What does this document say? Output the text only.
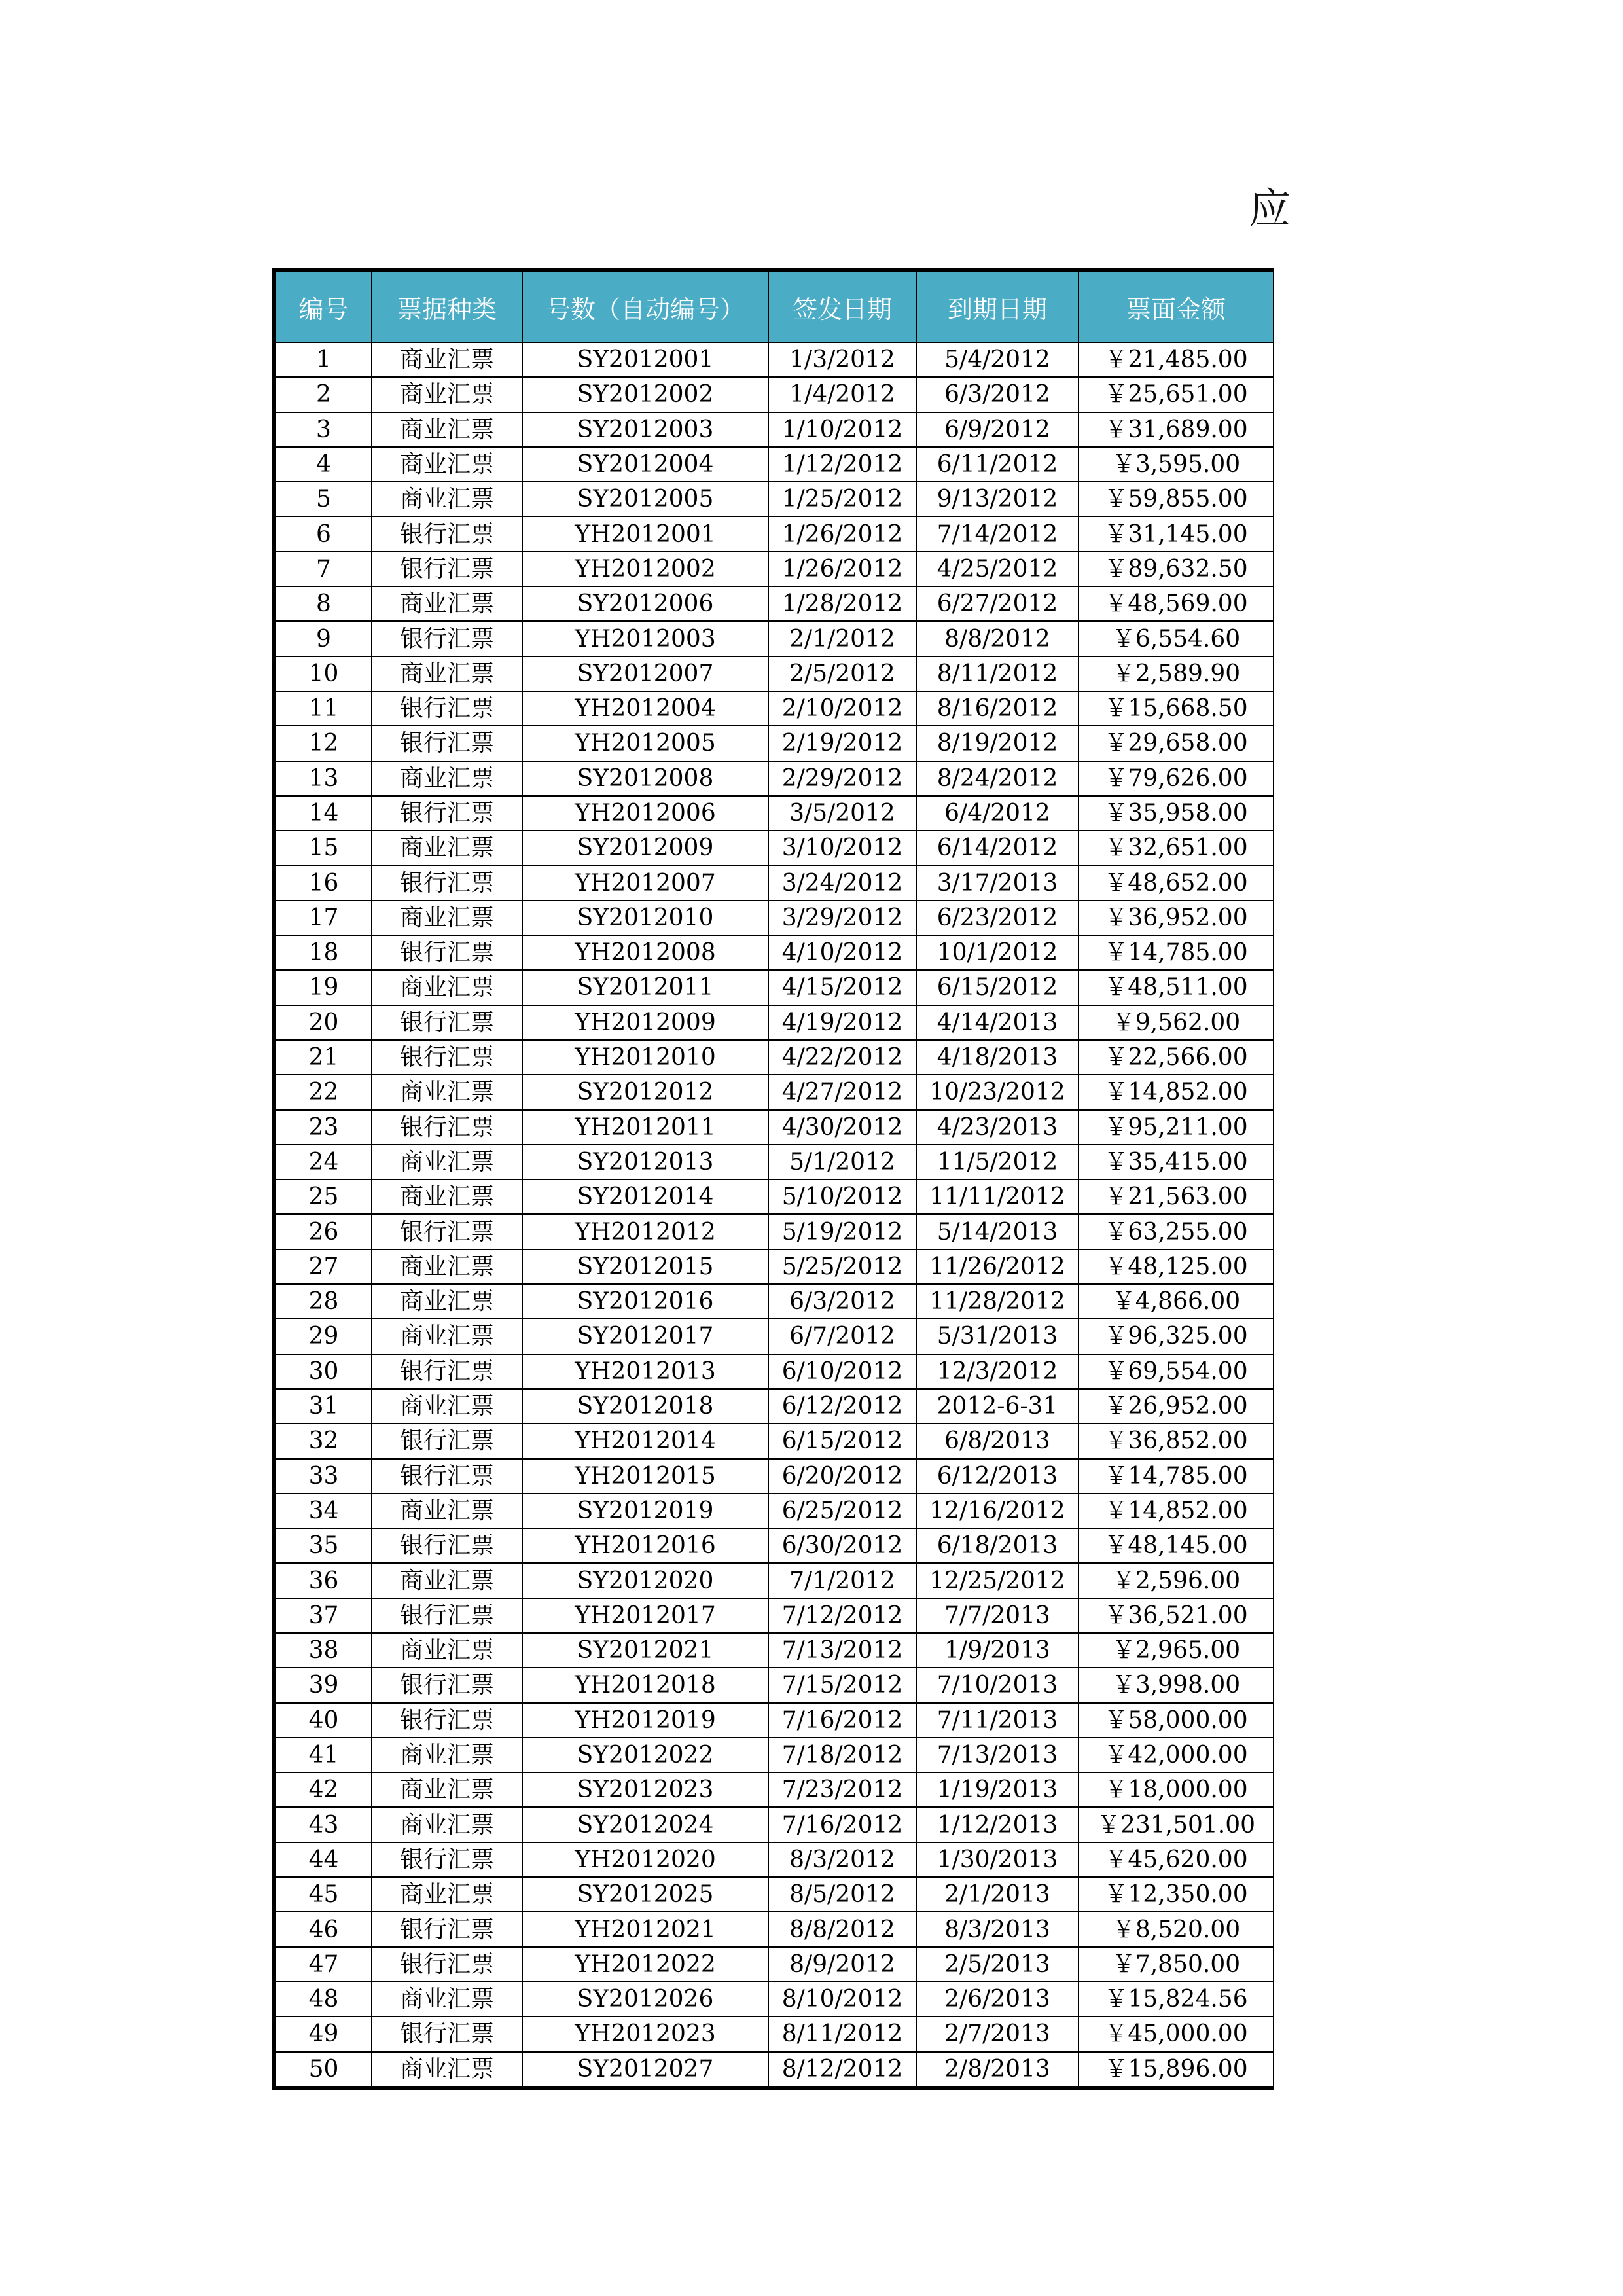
应
编号	票据种类	号数（自动编号）	签发日期	到期日期	票面金额
1	商业汇票	SY2012001	1/3/2012	5/4/2012	￥21,485.00
2	商业汇票	SY2012002	1/4/2012	6/3/2012	￥25,651.00
3	商业汇票	SY2012003	1/10/2012	6/9/2012	￥31,689.00
4	商业汇票	SY2012004	1/12/2012	6/11/2012	￥3,595.00
5	商业汇票	SY2012005	1/25/2012	9/13/2012	￥59,855.00
6	银行汇票	YH2012001	1/26/2012	7/14/2012	￥31,145.00
7	银行汇票	YH2012002	1/26/2012	4/25/2012	￥89,632.50
8	商业汇票	SY2012006	1/28/2012	6/27/2012	￥48,569.00
9	银行汇票	YH2012003	2/1/2012	8/8/2012	￥6,554.60
10	商业汇票	SY2012007	2/5/2012	8/11/2012	￥2,589.90
11	银行汇票	YH2012004	2/10/2012	8/16/2012	￥15,668.50
12	银行汇票	YH2012005	2/19/2012	8/19/2012	￥29,658.00
13	商业汇票	SY2012008	2/29/2012	8/24/2012	￥79,626.00
14	银行汇票	YH2012006	3/5/2012	6/4/2012	￥35,958.00
15	商业汇票	SY2012009	3/10/2012	6/14/2012	￥32,651.00
16	银行汇票	YH2012007	3/24/2012	3/17/2013	￥48,652.00
17	商业汇票	SY2012010	3/29/2012	6/23/2012	￥36,952.00
18	银行汇票	YH2012008	4/10/2012	10/1/2012	￥14,785.00
19	商业汇票	SY2012011	4/15/2012	6/15/2012	￥48,511.00
20	银行汇票	YH2012009	4/19/2012	4/14/2013	￥9,562.00
21	银行汇票	YH2012010	4/22/2012	4/18/2013	￥22,566.00
22	商业汇票	SY2012012	4/27/2012	10/23/2012	￥14,852.00
23	银行汇票	YH2012011	4/30/2012	4/23/2013	￥95,211.00
24	商业汇票	SY2012013	5/1/2012	11/5/2012	￥35,415.00
25	商业汇票	SY2012014	5/10/2012	11/11/2012	￥21,563.00
26	银行汇票	YH2012012	5/19/2012	5/14/2013	￥63,255.00
27	商业汇票	SY2012015	5/25/2012	11/26/2012	￥48,125.00
28	商业汇票	SY2012016	6/3/2012	11/28/2012	￥4,866.00
29	商业汇票	SY2012017	6/7/2012	5/31/2013	￥96,325.00
30	银行汇票	YH2012013	6/10/2012	12/3/2012	￥69,554.00
31	商业汇票	SY2012018	6/12/2012	2012-6-31	￥26,952.00
32	银行汇票	YH2012014	6/15/2012	6/8/2013	￥36,852.00
33	银行汇票	YH2012015	6/20/2012	6/12/2013	￥14,785.00
34	商业汇票	SY2012019	6/25/2012	12/16/2012	￥14,852.00
35	银行汇票	YH2012016	6/30/2012	6/18/2013	￥48,145.00
36	商业汇票	SY2012020	7/1/2012	12/25/2012	￥2,596.00
37	银行汇票	YH2012017	7/12/2012	7/7/2013	￥36,521.00
38	商业汇票	SY2012021	7/13/2012	1/9/2013	￥2,965.00
39	银行汇票	YH2012018	7/15/2012	7/10/2013	￥3,998.00
40	银行汇票	YH2012019	7/16/2012	7/11/2013	￥58,000.00
41	商业汇票	SY2012022	7/18/2012	7/13/2013	￥42,000.00
42	商业汇票	SY2012023	7/23/2012	1/19/2013	￥18,000.00
43	商业汇票	SY2012024	7/16/2012	1/12/2013	￥231,501.00
44	银行汇票	YH2012020	8/3/2012	1/30/2013	￥45,620.00
45	商业汇票	SY2012025	8/5/2012	2/1/2013	￥12,350.00
46	银行汇票	YH2012021	8/8/2012	8/3/2013	￥8,520.00
47	银行汇票	YH2012022	8/9/2012	2/5/2013	￥7,850.00
48	商业汇票	SY2012026	8/10/2012	2/6/2013	￥15,824.56
49	银行汇票	YH2012023	8/11/2012	2/7/2013	￥45,000.00
50	商业汇票	SY2012027	8/12/2012	2/8/2013	￥15,896.00
